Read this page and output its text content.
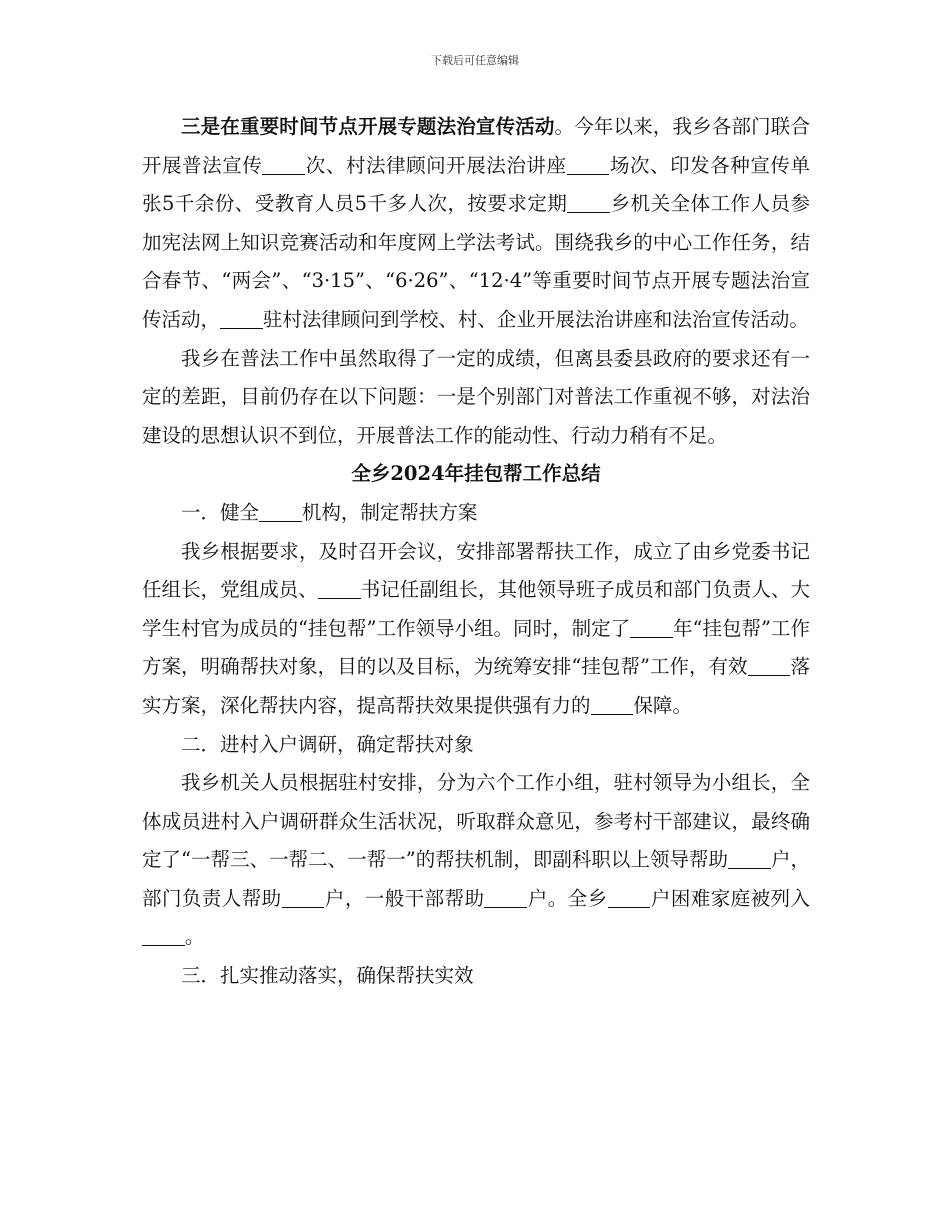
下载后可任意编辑

三是在重要时间节点开展专题法治宣传活动。今年以来，我乡各部门联合开展普法宣传 次、村法律顾问开展法治讲座 场次、印发各种宣传单张5千余份、受教育人员5千多人次，按要求定期 乡机关全体工作人员参加宪法网上知识竞赛活动和年度网上学法考试。围绕我乡的中心工作任务，结合春节、“两会”、“3·15”、“6·26”、“12·4”等重要时间节点开展专题法治宣传活动， 驻村法律顾问到学校、村、企业开展法治讲座和法治宣传活动。

我乡在普法工作中虽然取得了一定的成绩，但离县委县政府的要求还有一定的差距，目前仍存在以下问题：一是个别部门对普法工作重视不够，对法治建设的思想认识不到位，开展普法工作的能动性、行动力稍有不足。

全乡2024年挂包帮工作总结

一．健全 机构，制定帮扶方案

我乡根据要求，及时召开会议，安排部署帮扶工作，成立了由乡党委书记任组长，党组成员、 书记任副组长，其他领导班子成员和部门负责人、大学生村官为成员的“挂包帮”工作领导小组。同时，制定了 年“挂包帮”工作方案，明确帮扶对象，目的以及目标，为统筹安排“挂包帮”工作，有效 落实方案，深化帮扶内容，提高帮扶效果提供强有力的 保障。

二．进村入户调研，确定帮扶对象

我乡机关人员根据驻村安排，分为六个工作小组，驻村领导为小组长，全体成员进村入户调研群众生活状况，听取群众意见，参考村干部建议，最终确定了“一帮三、一帮二、一帮一”的帮扶机制，即副科职以上领导帮助 户，部门负责人帮助 户，一般干部帮助 户。全乡 户困难家庭被列入。

三．扎实推动落实，确保帮扶实效
